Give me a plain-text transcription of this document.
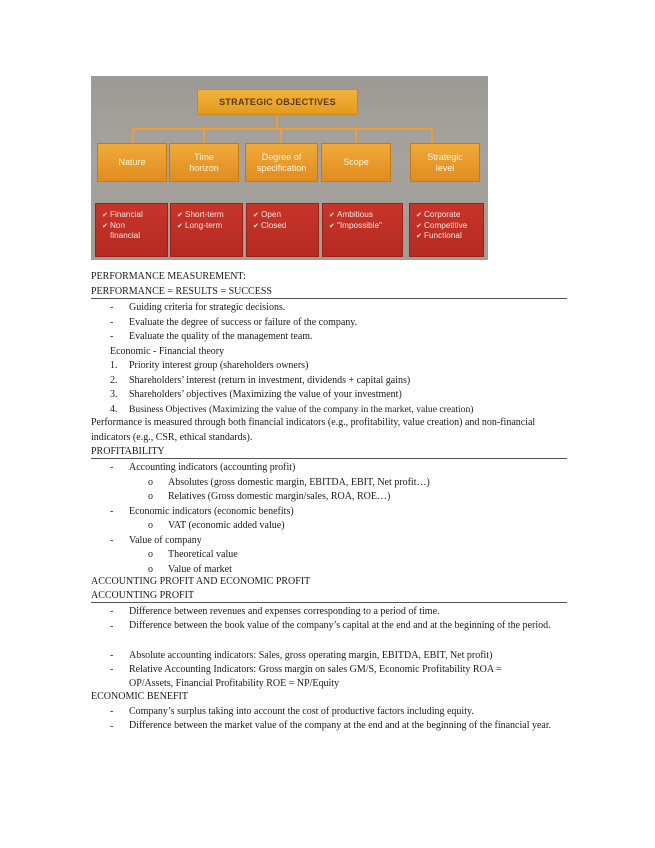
STRATEGIC OBJECTIVES
Nature
Time horizon
Degree of specification
Scope
Strategic level
✔ Financial
✔ Non financial
✔ Short-term
✔ Long-term
✔ Open
✔ Closed
✔ Ambitious
✔ "Impossible"
✔ Corporate
✔ Competitive
✔ Functional
PERFORMANCE MEASUREMENT:
PERFORMANCE = RESULTS = SUCCESS
- Guiding criteria for strategic decisions.
- Evaluate the degree of success or failure of the company.
- Evaluate the quality of the management team.
Economic - Financial theory
1. Priority interest group (shareholders owners)
2. Shareholders’ interest (return in investment, dividends + capital gains)
3. Shareholders’ objectives (Maximizing the value of your investment)
4. Business Objectives (Maximizing the value of the company in the market, value creation)
Performance is measured through both financial indicators (e.g., profitability, value creation) and non-financial indicators (e.g., CSR, ethical standards).
PROFITABILITY
- Accounting indicators (accounting profit)
o Absolutes (gross domestic margin, EBITDA, EBIT, Net profit…)
o Relatives (Gross domestic margin/sales, ROA, ROE…)
- Economic indicators (economic benefits)
o VAT (economic added value)
- Value of company
o Theoretical value
o Value of market
ACCOUNTING PROFIT AND ECONOMIC PROFIT
ACCOUNTING PROFIT
- Difference between revenues and expenses corresponding to a period of time.
- Difference between the book value of the company’s capital at the end and at the beginning of the period.
- Absolute accounting indicators: Sales, gross operating margin, EBITDA, EBIT, Net profit)
- Relative Accounting Indicators: Gross margin on sales GM/S, Economic Profitability ROA = OP/Assets, Financial Profitability ROE = NP/Equity
ECONOMIC BENEFIT
- Company’s surplus taking into account the cost of productive factors including equity.
- Difference between the market value of the company at the end and at the beginning of the financial year.
